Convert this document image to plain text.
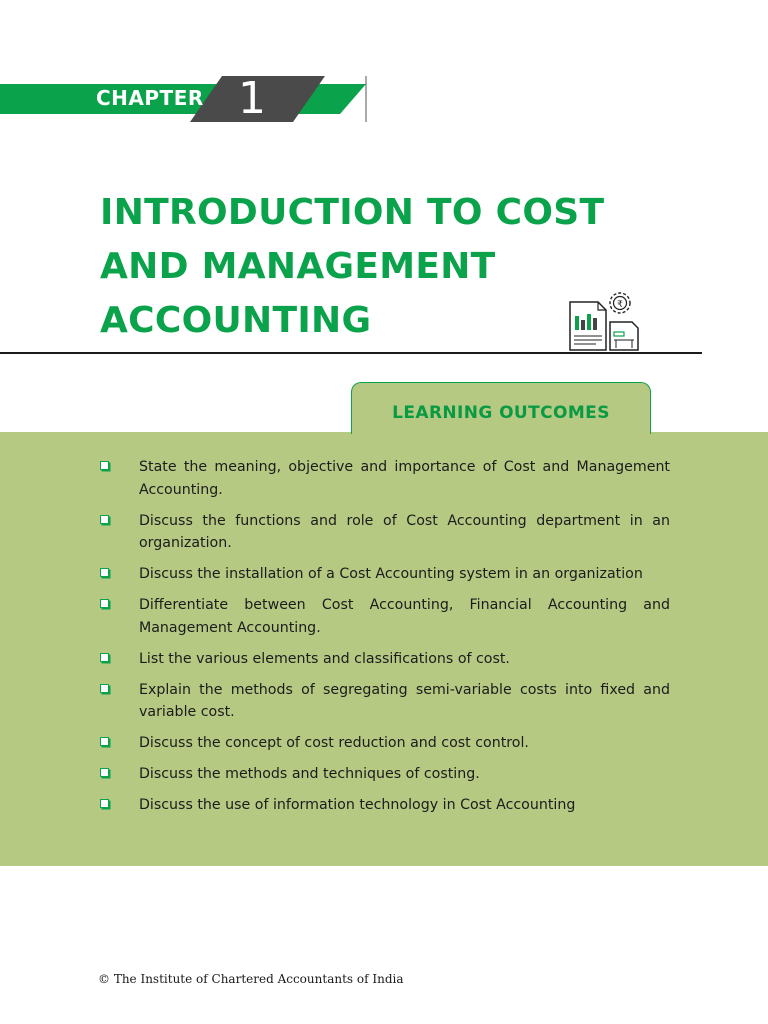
CHAPTER 1
INTRODUCTION TO COST
AND MANAGEMENT
ACCOUNTING	₹
LEARNING OUTCOMES
State the meaning, objective and importance of Cost and Management Accounting.
Discuss the functions and role of Cost Accounting department in an organization.
Discuss the installation of a Cost Accounting system in an organization
Differentiate between Cost Accounting, Financial Accounting and Management Accounting.
List the various elements and classifications of cost.
Explain the methods of segregating semi-variable costs into fixed and variable cost.
Discuss the concept of cost reduction and cost control.
Discuss the methods and techniques of costing.
Discuss the use of information technology in Cost Accounting
© The Institute of Chartered Accountants of India
